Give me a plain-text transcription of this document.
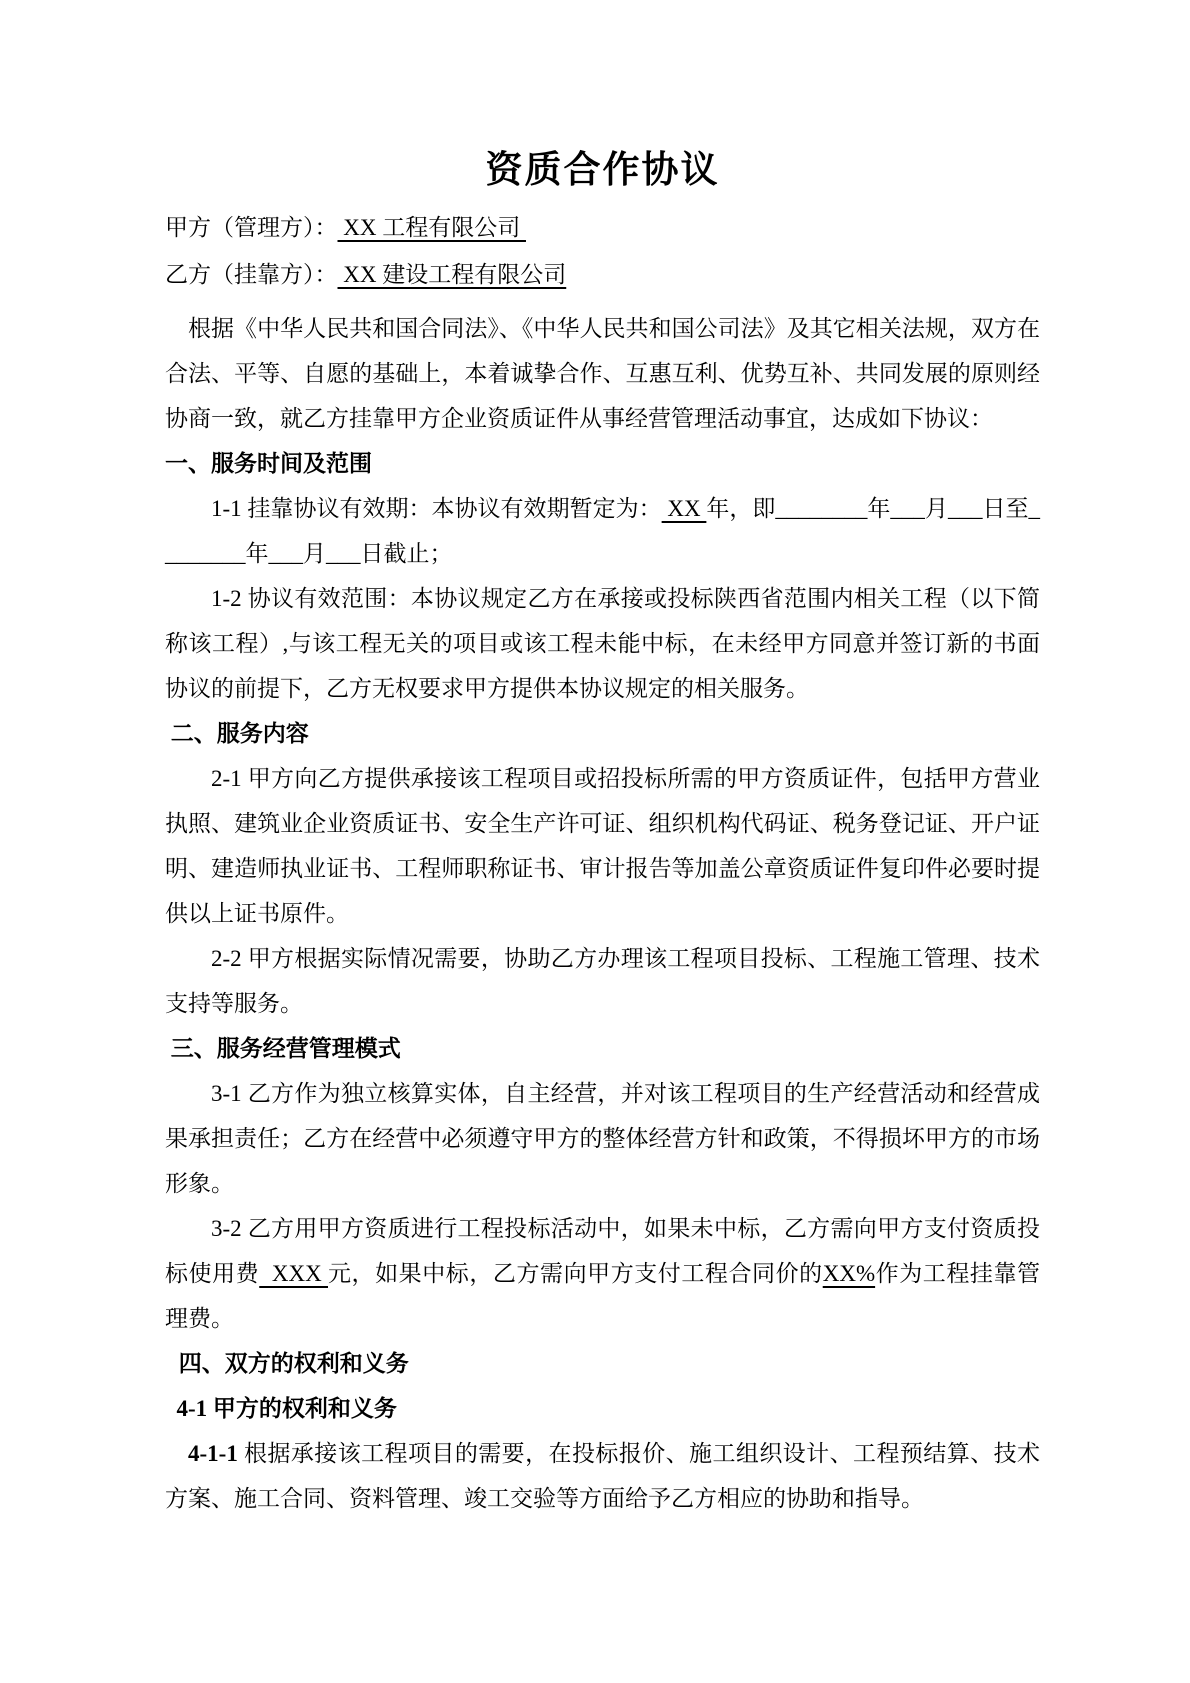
资质合作协议
甲方（管理方）： XX 工程有限公司
乙方（挂靠方）： XX 建设工程有限公司
根据《中华人民共和国合同法》、《中华人民共和国公司法》及其它相关法规，双方在合法、平等、自愿的基础上，本着诚挚合作、互惠互利、优势互补、共同发展的原则经协商一致，就乙方挂靠甲方企业资质证件从事经营管理活动事宜，达成如下协议：
一、服务时间及范围
1-1 挂靠协议有效期：本协议有效期暂定为： XX 年，即________年___月___日至________年___月___日截止；
1-2 协议有效范围：本协议规定乙方在承接或投标陕西省范围内相关工程（以下简称该工程）,与该工程无关的项目或该工程未能中标，在未经甲方同意并签订新的书面协议的前提下，乙方无权要求甲方提供本协议规定的相关服务。
二、服务内容
2-1 甲方向乙方提供承接该工程项目或招投标所需的甲方资质证件，包括甲方营业执照、建筑业企业资质证书、安全生产许可证、组织机构代码证、税务登记证、开户证明、建造师执业证书、工程师职称证书、审计报告等加盖公章资质证件复印件必要时提供以上证书原件。
2-2 甲方根据实际情况需要，协助乙方办理该工程项目投标、工程施工管理、技术支持等服务。
三、服务经营管理模式
3-1 乙方作为独立核算实体，自主经营，并对该工程项目的生产经营活动和经营成果承担责任；乙方在经营中必须遵守甲方的整体经营方针和政策，不得损坏甲方的市场形象。
3-2 乙方用甲方资质进行工程投标活动中，如果未中标，乙方需向甲方支付资质投标使用费  XXX 元，如果中标，乙方需向甲方支付工程合同价的XX%作为工程挂靠管理费。
四、双方的权利和义务
4-1 甲方的权利和义务
4-1-1 根据承接该工程项目的需要，在投标报价、施工组织设计、工程预结算、技术方案、施工合同、资料管理、竣工交验等方面给予乙方相应的协助和指导。
